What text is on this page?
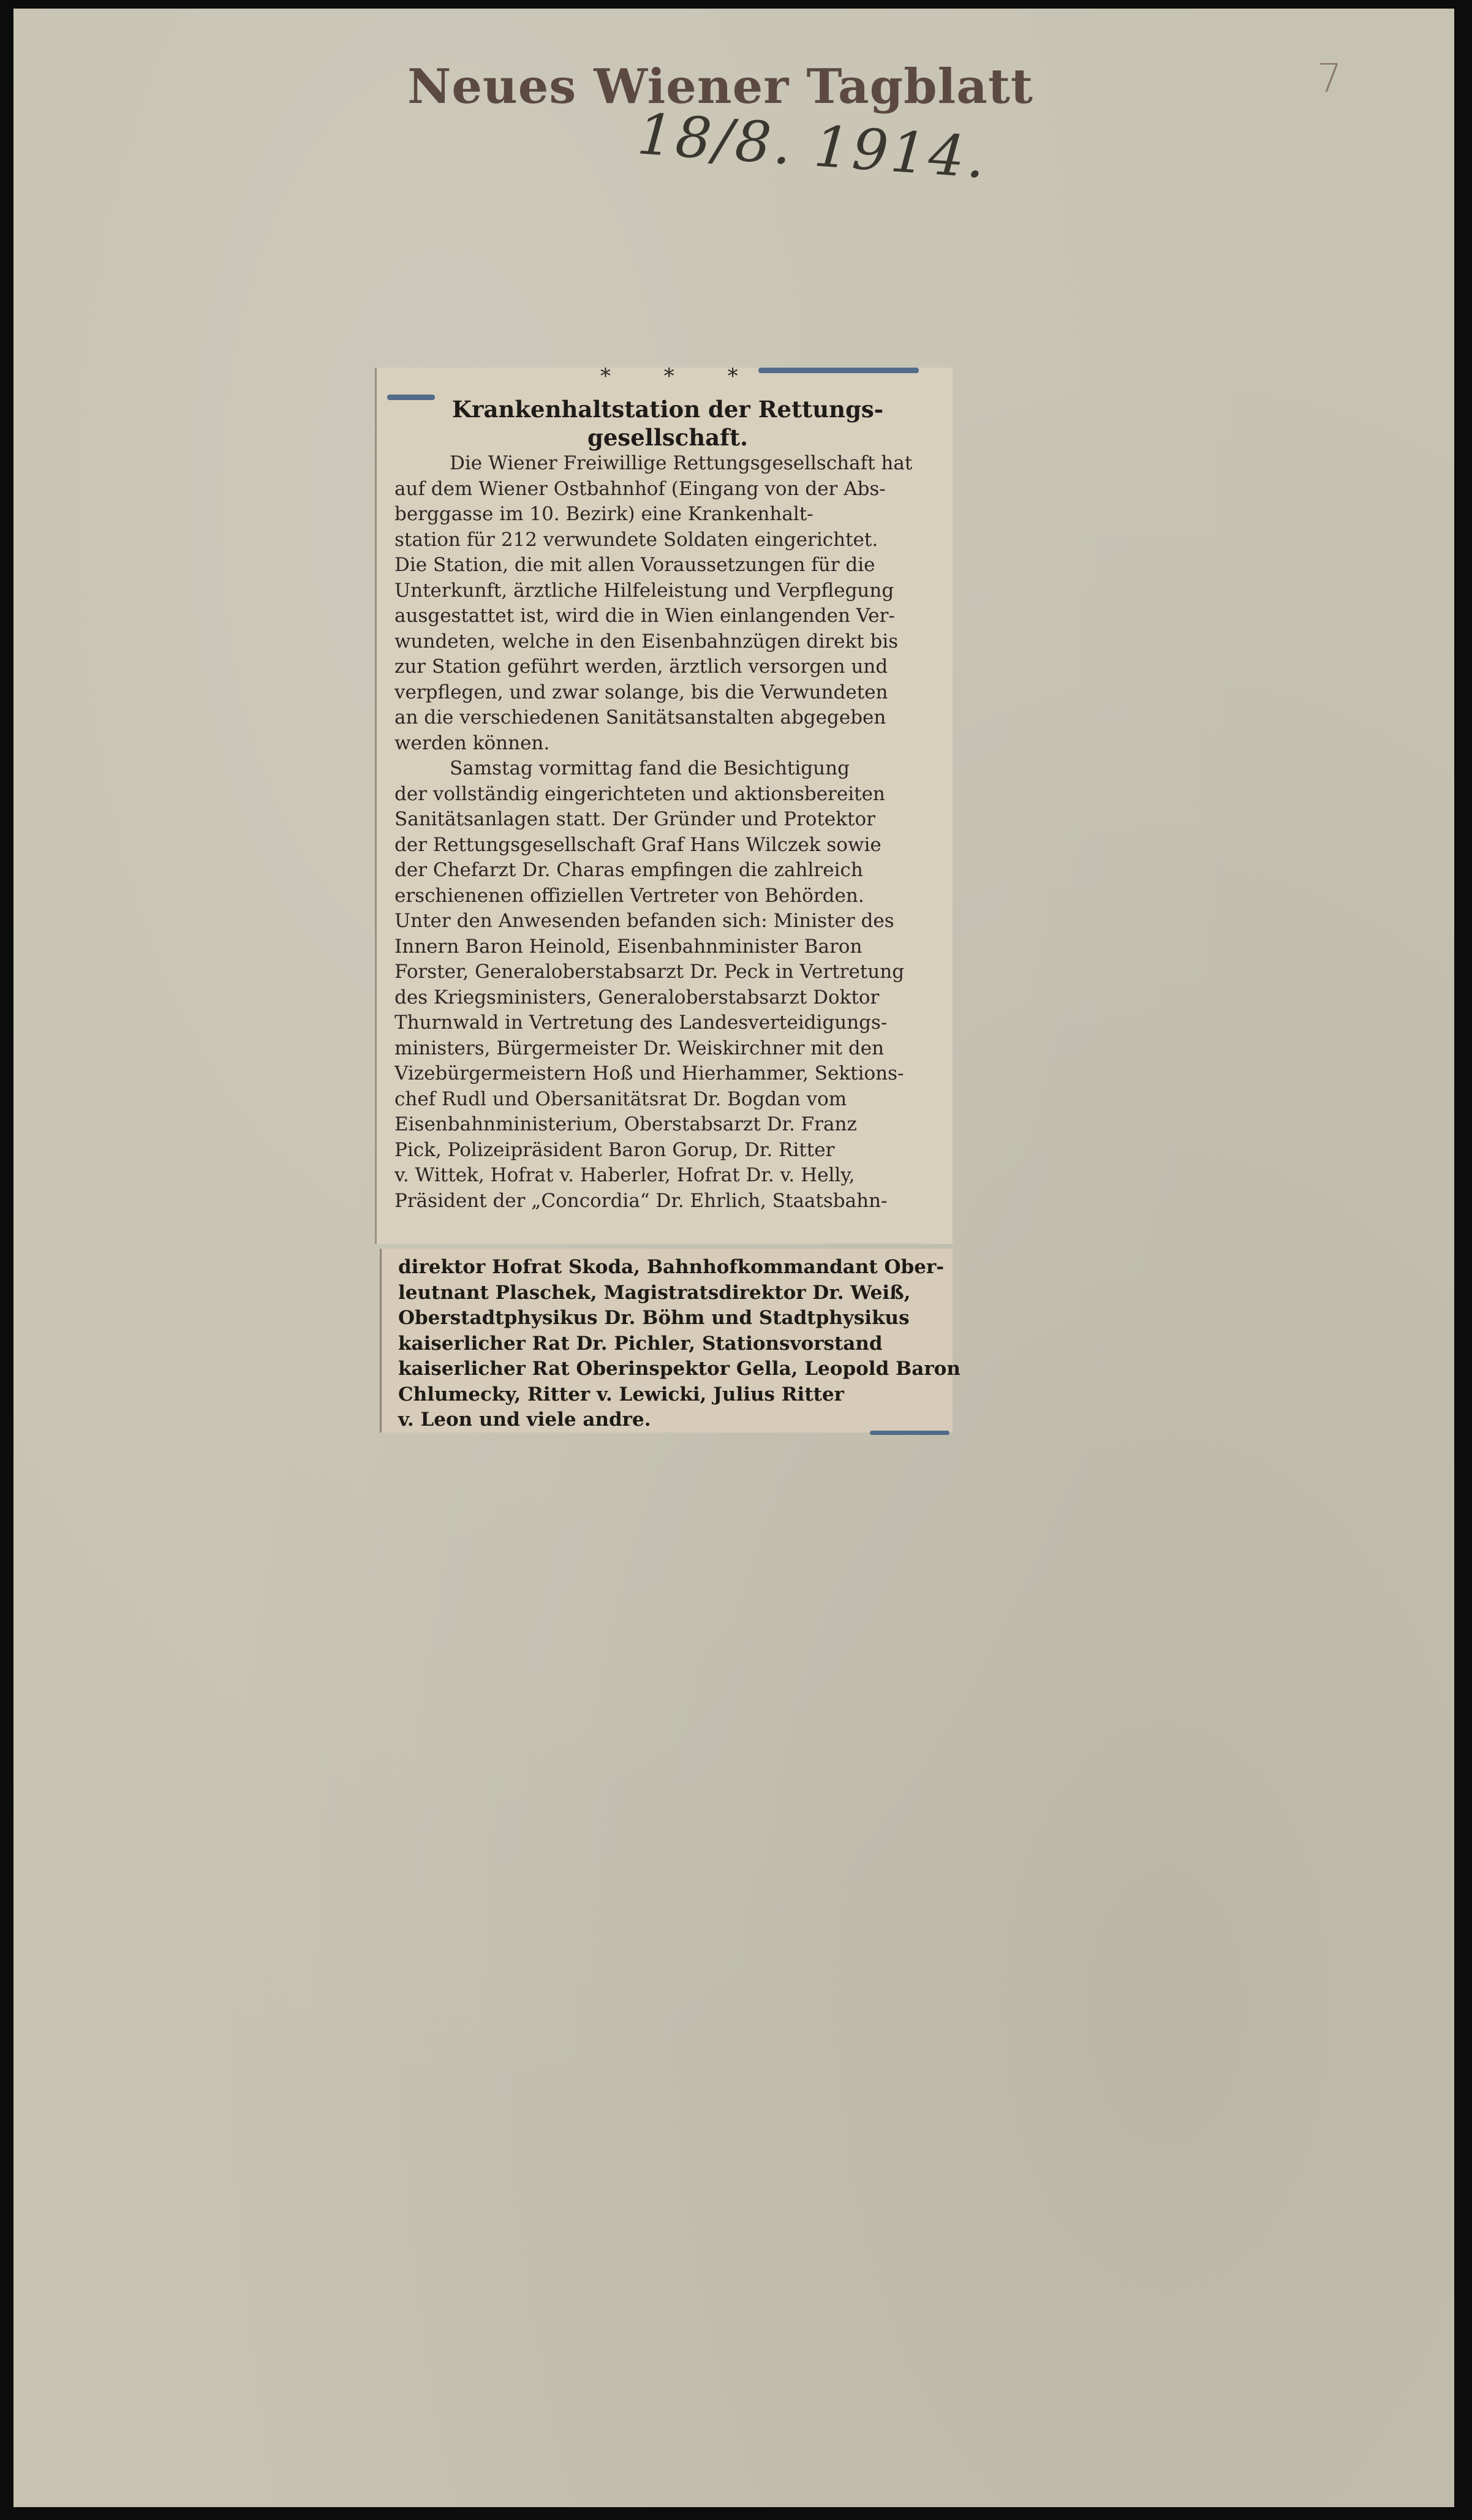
Neues Wiener Tagblatt
18/8. 1914.
7
* * *
Krankenhaltstation der Rettungs-
gesellschaft.
Die Wiener Freiwillige Rettungsgesellschaft hat
auf dem Wiener Ostbahnhof (Eingang von der Abs-
berggasse im 10. Bezirk) eine Krankenhalt-
station für 212 verwundete Soldaten eingerichtet.
Die Station, die mit allen Voraussetzungen für die
Unterkunft, ärztliche Hilfeleistung und Verpflegung
ausgestattet ist, wird die in Wien einlangenden Ver-
wundeten, welche in den Eisenbahnzügen direkt bis
zur Station geführt werden, ärztlich versorgen und
verpflegen, und zwar solange, bis die Verwundeten
an die verschiedenen Sanitätsanstalten abgegeben
werden können.
Samstag vormittag fand die Besichtigung
der vollständig eingerichteten und aktionsbereiten
Sanitätsanlagen statt. Der Gründer und Protektor
der Rettungsgesellschaft Graf Hans Wilczek sowie
der Chefarzt Dr. Charas empfingen die zahlreich
erschienenen offiziellen Vertreter von Behörden.
Unter den Anwesenden befanden sich: Minister des
Innern Baron Heinold, Eisenbahnminister Baron
Forster, Generaloberstabsarzt Dr. Peck in Vertretung
des Kriegsministers, Generaloberstabsarzt Doktor
Thurnwald in Vertretung des Landesverteidigungs-
ministers, Bürgermeister Dr. Weiskirchner mit den
Vizebürgermeistern Hoß und Hierhammer, Sektions-
chef Rudl und Obersanitätsrat Dr. Bogdan vom
Eisenbahnministerium, Oberstabsarzt Dr. Franz
Pick, Polizeipräsident Baron Gorup, Dr. Ritter
v. Wittek, Hofrat v. Haberler, Hofrat Dr. v. Helly,
Präsident der „Concordia“ Dr. Ehrlich, Staatsbahn-
direktor Hofrat Skoda, Bahnhofkommandant Ober-
leutnant Plaschek, Magistratsdirektor Dr. Weiß,
Oberstadtphysikus Dr. Böhm und Stadtphysikus
kaiserlicher Rat Dr. Pichler, Stationsvorstand
kaiserlicher Rat Oberinspektor Gella, Leopold Baron
Chlumecky, Ritter v. Lewicki, Julius Ritter
v. Leon und viele andre.
